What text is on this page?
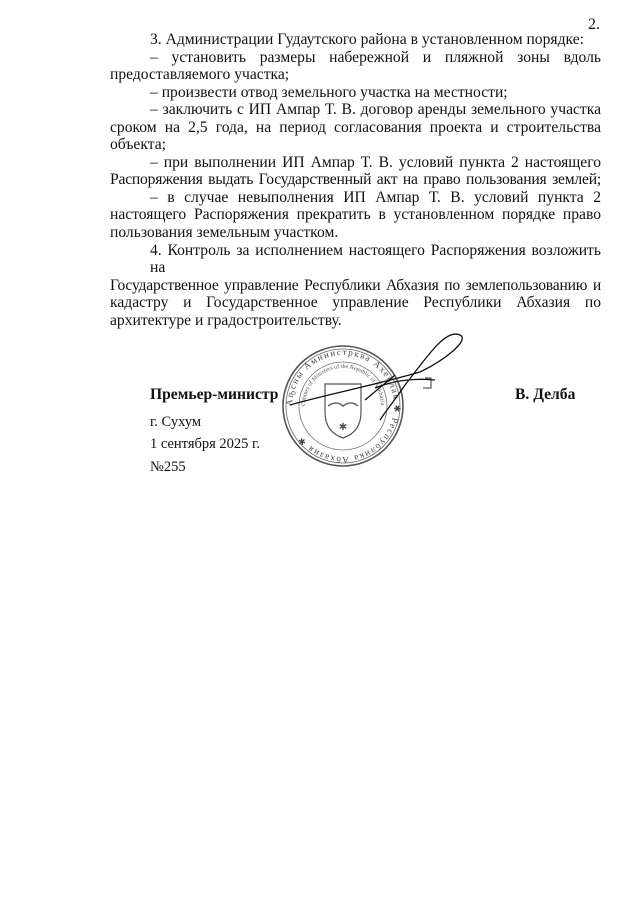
2.
3. Администрации Гудаутского района в установленном порядке:
– установить размеры набережной и пляжной зоны вдоль
предоставляемого участка;
– произвести отвод земельного участка на местности;
– заключить с ИП Ампар Т. В. договор аренды земельного участка
сроком на 2,5 года, на период согласования проекта и строительства
объекта;
– при выполнении ИП Ампар Т. В. условий пункта 2 настоящего
Распоряжения выдать Государственный акт на право пользования землей;
– в случае невыполнения ИП Ампар Т. В. условий пункта 2
настоящего Распоряжения прекратить в установленном порядке право
пользования земельным участком.
4. Контроль за исполнением настоящего Распоряжения возложить на
Государственное управление Республики Абхазия по землепользованию и
кадастру и Государственное управление Республики Абхазия по
архитектуре и градостроительству.
Аҧсны Аминистрква Ахеилак ✱ Республика Абхазия ✱
Cabinet of Ministers of the Republic of Abkhazia
✱
Премьер-министр	В. Делба
г. Сухум
1 сентября 2025 г.
№255
